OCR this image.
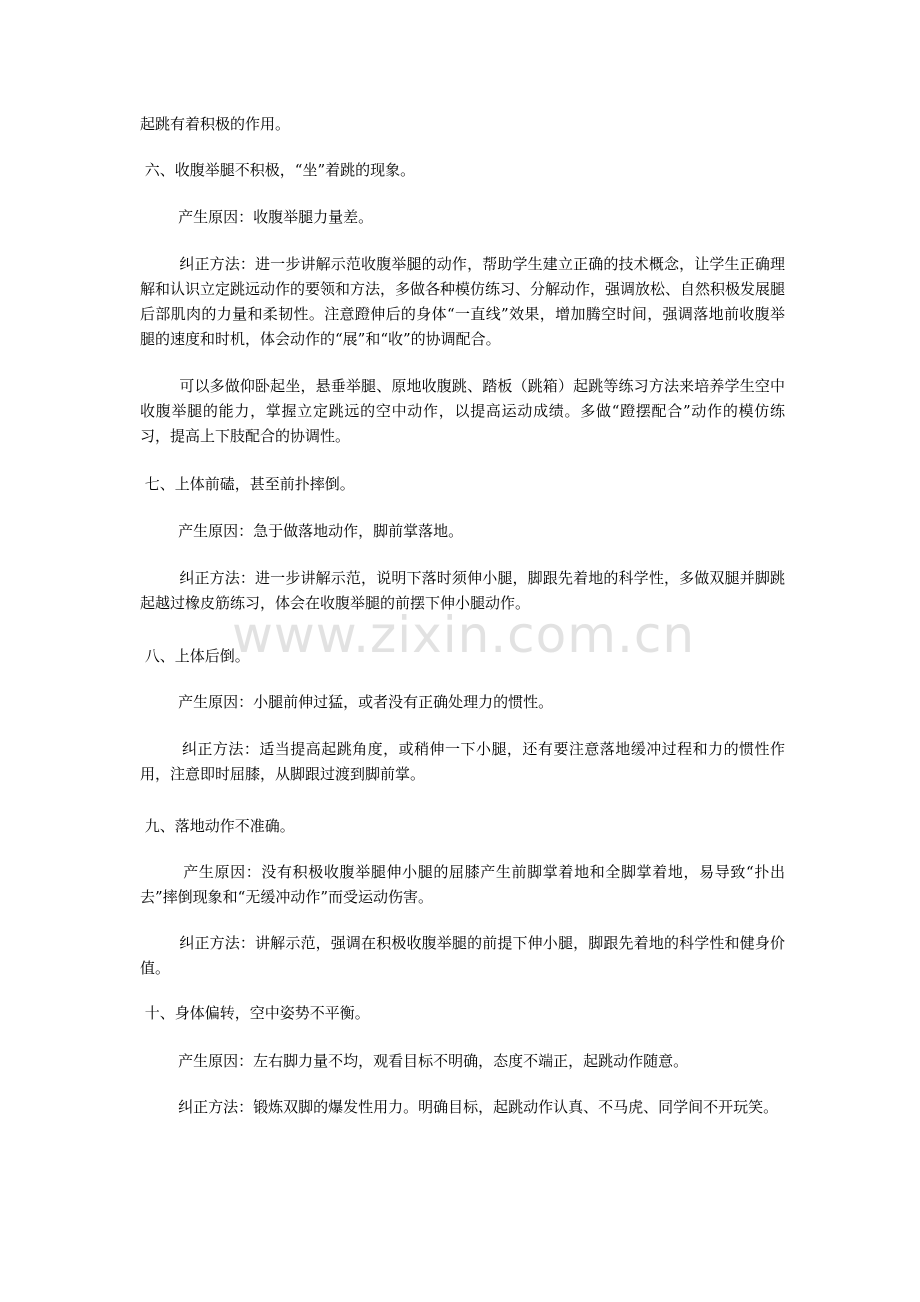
www.zixin.com.cn

起跳有着积极的作用。

六、收腹举腿不积极，“坐”着跳的现象。

产生原因：收腹举腿力量差。

纠正方法：进一步讲解示范收腹举腿的动作，帮助学生建立正确的技术概念，让学生正确理解和认识立定跳远动作的要领和方法，多做各种模仿练习、分解动作，强调放松、自然积极发展腿后部肌肉的力量和柔韧性。注意蹬伸后的身体“一直线”效果，增加腾空时间，强调落地前收腹举腿的速度和时机，体会动作的“展”和“收”的协调配合。

可以多做仰卧起坐，悬垂举腿、原地收腹跳、踏板（跳箱）起跳等练习方法来培养学生空中收腹举腿的能力，掌握立定跳远的空中动作，以提高运动成绩。多做“蹬摆配合”动作的模仿练习，提高上下肢配合的协调性。

七、上体前磕，甚至前扑摔倒。

产生原因：急于做落地动作，脚前掌落地。

纠正方法：进一步讲解示范，说明下落时须伸小腿，脚跟先着地的科学性，多做双腿并脚跳起越过橡皮筋练习，体会在收腹举腿的前摆下伸小腿动作。

八、上体后倒。

产生原因：小腿前伸过猛，或者没有正确处理力的惯性。

纠正方法：适当提高起跳角度，或稍伸一下小腿，还有要注意落地缓冲过程和力的惯性作用，注意即时屈膝，从脚跟过渡到脚前掌。

九、落地动作不准确。

产生原因：没有积极收腹举腿伸小腿的屈膝产生前脚掌着地和全脚掌着地，易导致“扑出去”摔倒现象和“无缓冲动作”而受运动伤害。

纠正方法：讲解示范，强调在积极收腹举腿的前提下伸小腿，脚跟先着地的科学性和健身价值。

十、身体偏转，空中姿势不平衡。

产生原因：左右脚力量不均，观看目标不明确，态度不端正，起跳动作随意。

纠正方法：锻炼双脚的爆发性用力。明确目标，起跳动作认真、不马虎、同学间不开玩笑。
